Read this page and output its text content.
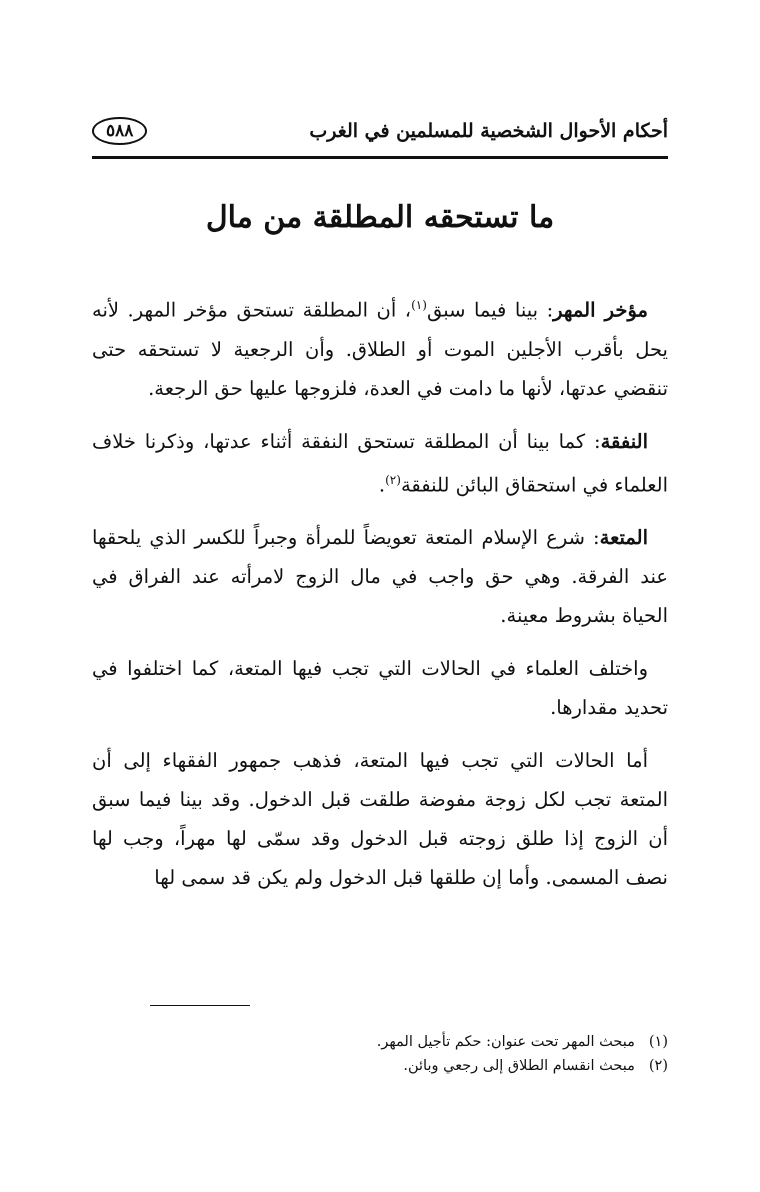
أحكام الأحوال الشخصية للمسلمين في الغرب
٥٨٨
ما تستحقه المطلقة من مال

مؤخر المهر: بينا فيما سبق$^{(١)}$، أن المطلقة تستحق مؤخر المهر. لأنه يحل بأقرب الأجلين الموت أو الطلاق. وأن الرجعية لا تستحقه حتى تنقضي عدتها، لأنها ما دامت في العدة، فلزوجها عليها حق الرجعة.

النفقة: كما بينا أن المطلقة تستحق النفقة أثناء عدتها، وذكرنا خلاف العلماء في استحقاق البائن للنفقة$^{(٢)}$.

المتعة: شرع الإسلام المتعة تعويضاً للمرأة وجبراً للكسر الذي يلحقها عند الفرقة. وهي حق واجب في مال الزوج لامرأته عند الفراق في الحياة بشروط معينة.

واختلف العلماء في الحالات التي تجب فيها المتعة، كما اختلفوا في تحديد مقدارها.

أما الحالات التي تجب فيها المتعة، فذهب جمهور الفقهاء إلى أن المتعة تجب لكل زوجة مفوضة طلقت قبل الدخول. وقد بينا فيما سبق أن الزوج إذا طلق زوجته قبل الدخول وقد سمّى لها مهراً، وجب لها نصف المسمى. وأما إن طلقها قبل الدخول ولم يكن قد سمى لها

(١)
مبحث المهر تحت عنوان: حكم تأجيل المهر.
(٢)
مبحث انقسام الطلاق إلى رجعي وبائن.
